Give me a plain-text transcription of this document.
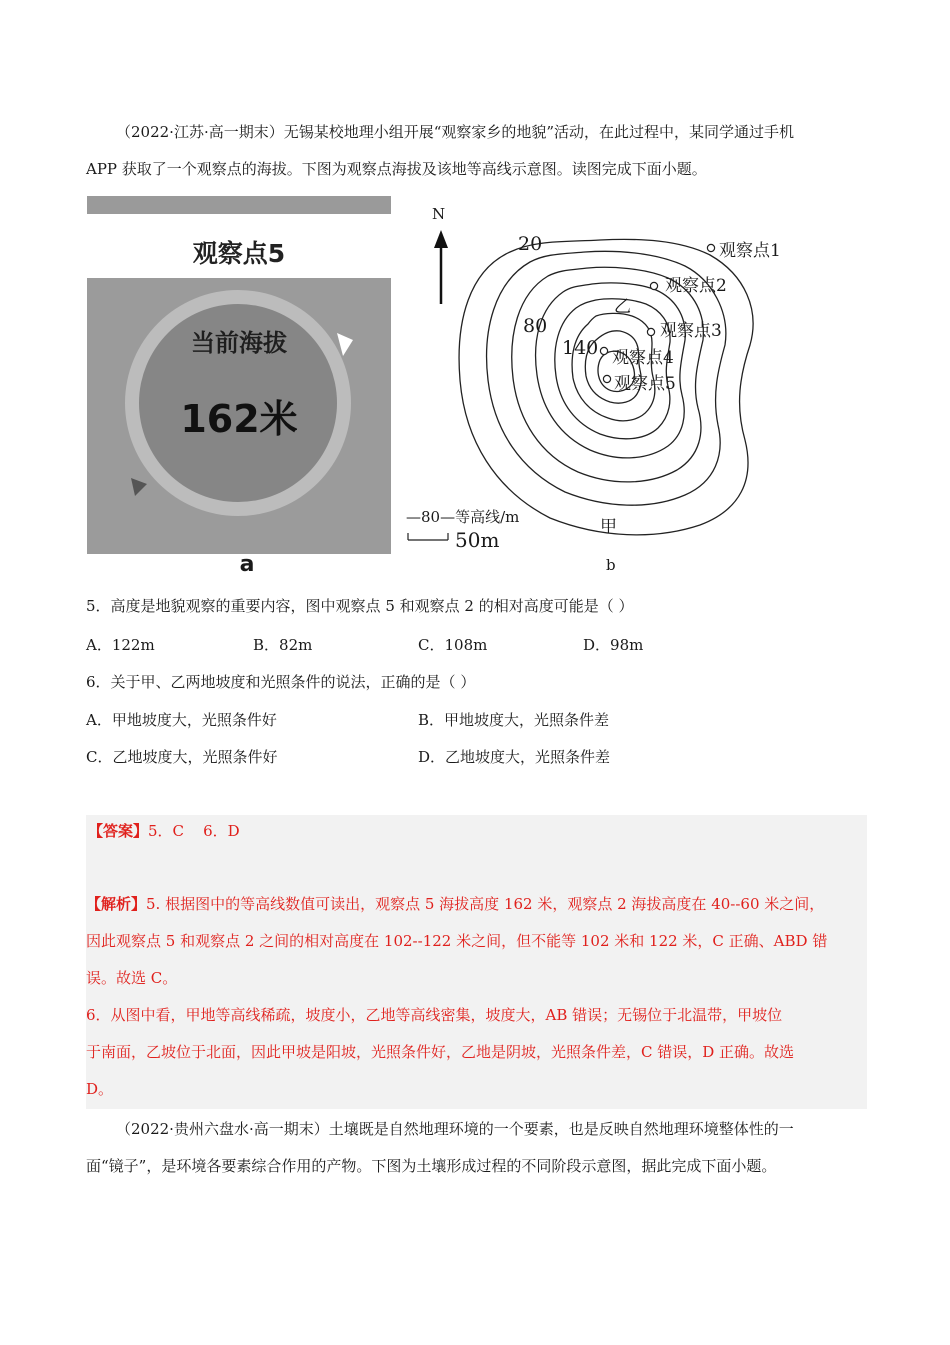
（2022·江苏·高一期末）无锡某校地理小组开展“观察家乡的地貌”活动，在此过程中，某同学通过手机
APP 获取了一个观察点的海拔。下图为观察点海拔及该地等高线示意图。读图完成下面小题。
观察点5
当前海拔
162米
a
N
20
80
140
观察点1
观察点2
观察点3
观察点4
观察点5
乙
甲
—80—等高线/m
50m
b
5．高度是地貌观察的重要内容，图中观察点 5 和观察点 2 的相对高度可能是（ ）
A．122m	B．82m	C．108m	D．98m
6．关于甲、乙两地坡度和光照条件的说法，正确的是（ ）
A．甲地坡度大，光照条件好	B．甲地坡度大，光照条件差
C．乙地坡度大，光照条件好	D．乙地坡度大，光照条件差
【答案】5．C    6．D
【解析】5. 根据图中的等高线数值可读出，观察点 5 海拔高度 162 米，观察点 2 海拔高度在 40--60 米之间，
因此观察点 5 和观察点 2 之间的相对高度在 102--122 米之间，但不能等 102 米和 122 米，C 正确、ABD 错
误。故选 C。
6．从图中看，甲地等高线稀疏，坡度小，乙地等高线密集，坡度大，AB 错误；无锡位于北温带，甲坡位
于南面，乙坡位于北面，因此甲坡是阳坡，光照条件好，乙地是阴坡，光照条件差，C 错误，D 正确。故选
D。
（2022·贵州六盘水·高一期末）土壤既是自然地理环境的一个要素，也是反映自然地理环境整体性的一
面“镜子”，是环境各要素综合作用的产物。下图为土壤形成过程的不同阶段示意图，据此完成下面小题。
